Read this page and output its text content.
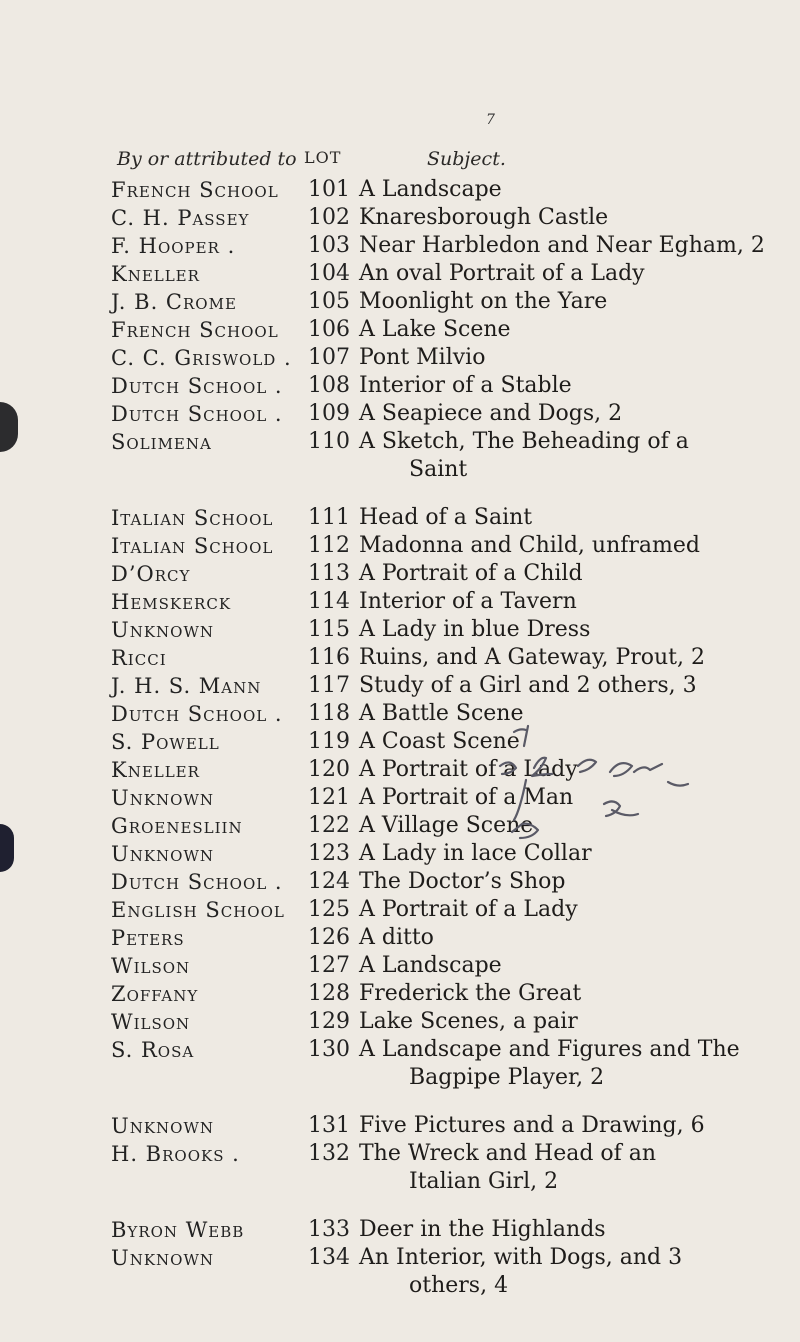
7
By or attributed to LOT	Subject.
French School 101 A Landscape
C. H. Passey	102 Knaresborough Castle
F. Hooper .	103 Near Harbledon and Near Egham, 2
Kneller	104 An oval Portrait of a Lady
J. B. Crome	105 Moonlight on the Yare
French School 106 A Lake Scene
C. C. Griswold . 107 Pont Milvio
Dutch School . 108 Interior of a Stable
Dutch School . 109 A Seapiece and Dogs, 2
Solimena	110 A Sketch, The Beheading of a
Saint
Italian School 111 Head of a Saint
Italian School 112 Madonna and Child, unframed
D’Orcy	113 A Portrait of a Child
Hemskerck	114 Interior of a Tavern
Unknown	115 A Lady in blue Dress
Ricci	116 Ruins, and A Gateway, Prout, 2
J. H. S. Mann 117 Study of a Girl and 2 others, 3
Dutch School . 118 A Battle Scene
S. Powell	119 A Coast Scene
Kneller	120 A Portrait of a Lady
Unknown	121 A Portrait of a Man
Groenesliin	122 A Village Scene
Unknown	123 A Lady in lace Collar
Dutch School . 124 The Doctor’s Shop
English School 125 A Portrait of a Lady
Peters	126 A ditto
Wilson	127 A Landscape
Zoffany	128 Frederick the Great
Wilson	129 Lake Scenes, a pair
S. Rosa	130 A Landscape and Figures and The
Bagpipe Player, 2
Unknown	131 Five Pictures and a Drawing, 6
H. Brooks .	132 The Wreck and Head of an
Italian Girl, 2
Byron Webb	133 Deer in the Highlands
Unknown	134 An Interior, with Dogs, and 3
others, 4
